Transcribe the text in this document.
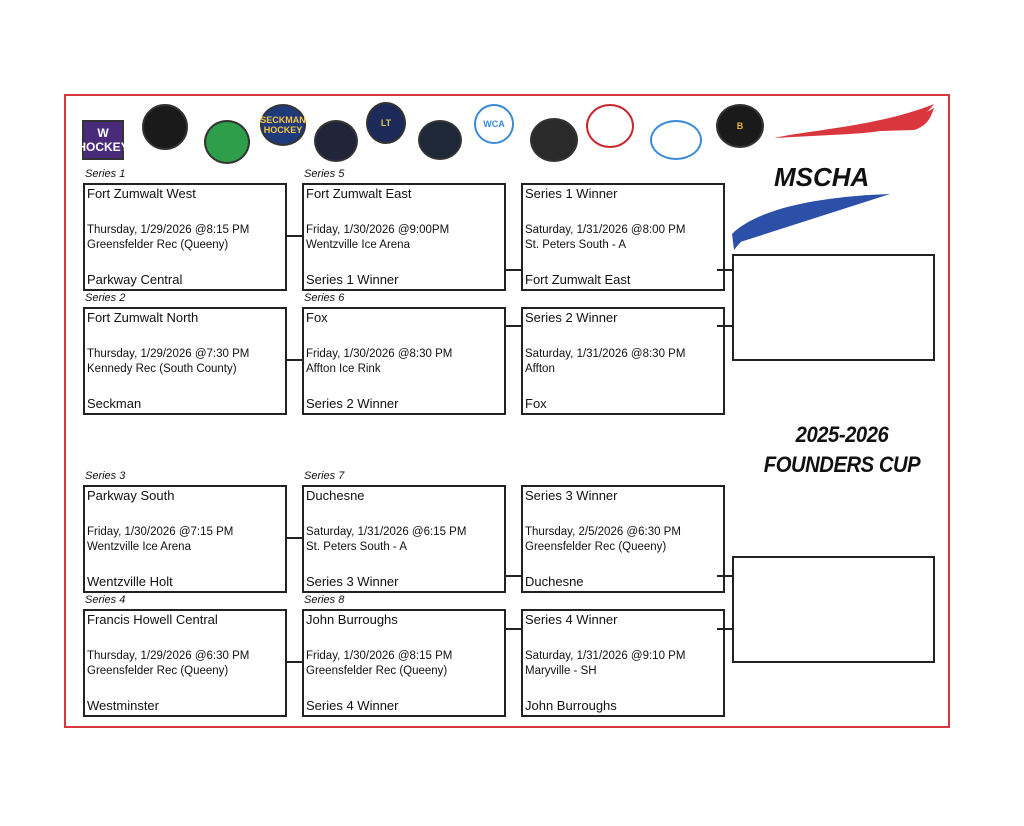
W HOCKEY
SECKMAN HOCKEY
LT	WCA	B
MSCHA
Series 1
Fort Zumwalt West
Thursday, 1/29/2026 @8:15 PM
Greensfelder Rec (Queeny)
Parkway Central
Series 2
Fort Zumwalt North
Thursday, 1/29/2026 @7:30 PM
Kennedy Rec (South County)
Seckman
Series 3
Parkway South
Friday, 1/30/2026 @7:15 PM
Wentzville Ice Arena
Wentzville Holt
Series 4
Francis Howell Central
Thursday, 1/29/2026 @6:30 PM
Greensfelder Rec (Queeny)
Westminster
Series 5
Fort Zumwalt East
Friday, 1/30/2026 @9:00PM
Wentzville Ice Arena
Series 1 Winner
Series 6
Fox
Friday, 1/30/2026 @8:30 PM
Affton Ice Rink
Series 2 Winner
Series 7
Duchesne
Saturday, 1/31/2026 @6:15 PM
St. Peters South - A
Series 3 Winner
Series 8
John Burroughs
Friday, 1/30/2026 @8:15 PM
Greensfelder Rec (Queeny)
Series 4 Winner
Series 1 Winner
Saturday, 1/31/2026 @8:00 PM
St. Peters South - A
Fort Zumwalt East
Series 2 Winner
Saturday, 1/31/2026 @8:30 PM
Affton
Fox
Series 3 Winner
Thursday, 2/5/2026 @6:30 PM
Greensfelder Rec (Queeny)
Duchesne
Series 4 Winner
Saturday, 1/31/2026 @9:10 PM
Maryville - SH
John Burroughs
2025-2026
FOUNDERS CUP
